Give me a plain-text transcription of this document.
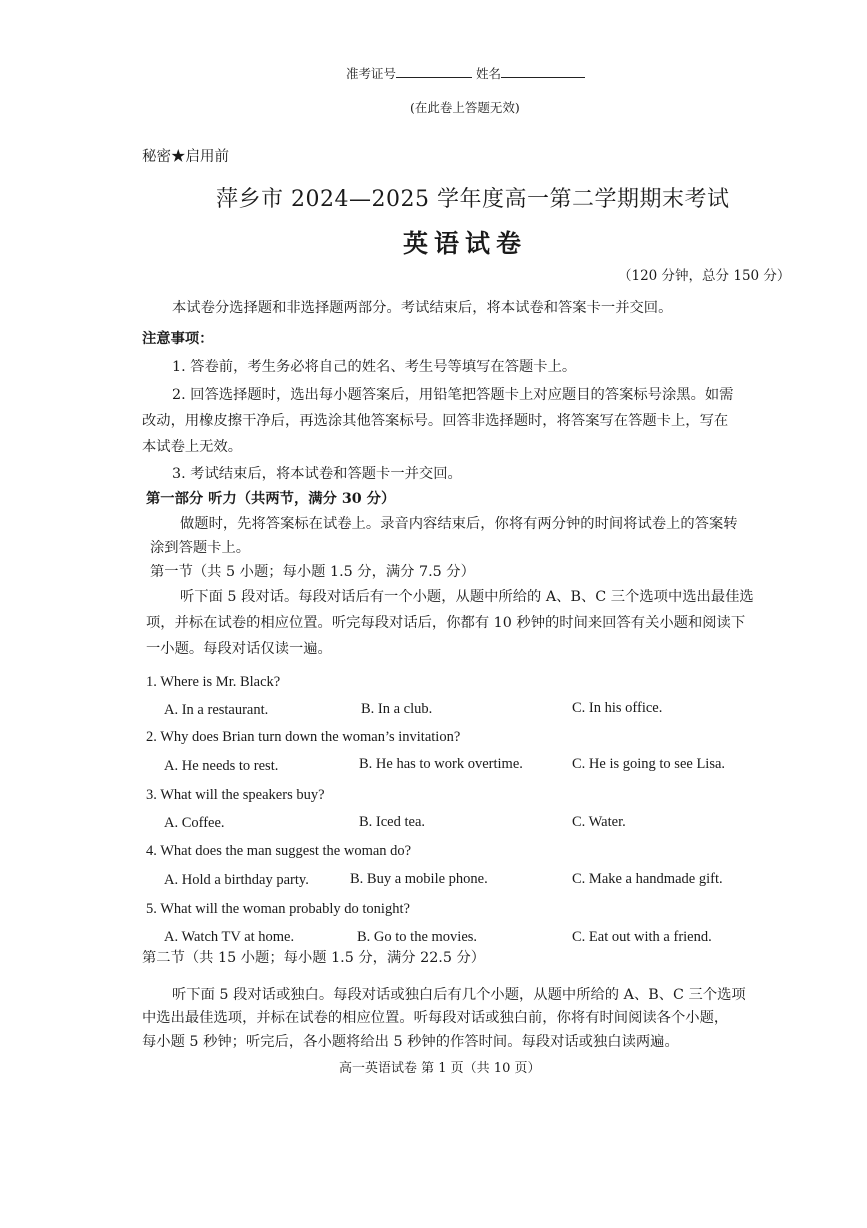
准考证号	姓名
(在此卷上答题无效)
秘密★启用前
萍乡市 2024—2025 学年度高一第二学期期末考试
英语试卷
（120 分钟，总分 150 分）
本试卷分选择题和非选择题两部分。考试结束后，将本试卷和答案卡一并交回。
注意事项：
1. 答卷前，考生务必将自己的姓名、考生号等填写在答题卡上。
2. 回答选择题时，选出每小题答案后，用铅笔把答题卡上对应题目的答案标号涂黑。如需
改动，用橡皮擦干净后，再选涂其他答案标号。回答非选择题时，将答案写在答题卡上，写在
本试卷上无效。
3. 考试结束后，将本试卷和答题卡一并交回。
第一部分 听力（共两节，满分 30 分）
做题时，先将答案标在试卷上。录音内容结束后，你将有两分钟的时间将试卷上的答案转
涂到答题卡上。
第一节（共 5 小题；每小题 1.5 分，满分 7.5 分）
听下面 5 段对话。每段对话后有一个小题，从题中所给的 A、B、C 三个选项中选出最佳选
项，并标在试卷的相应位置。听完每段对话后，你都有 10 秒钟的时间来回答有关小题和阅读下
一小题。每段对话仅读一遍。
1. Where is Mr. Black?
A. In a restaurant.	B. In a club.	C. In his office.
2. Why does Brian turn down the woman’s invitation?
A. He needs to rest.	B. He has to work overtime.	C. He is going to see Lisa.
3. What will the speakers buy?
A. Coffee.	B. Iced tea.	C. Water.
4. What does the man suggest the woman do?
A. Hold a birthday party.	B. Buy a mobile phone.	C. Make a handmade gift.
5. What will the woman probably do tonight?
A. Watch TV at home.	B. Go to the movies.	C. Eat out with a friend.
第二节（共 15 小题；每小题 1.5 分，满分 22.5 分）
听下面 5 段对话或独白。每段对话或独白后有几个小题，从题中所给的 A、B、C 三个选项
中选出最佳选项，并标在试卷的相应位置。听每段对话或独白前，你将有时间阅读各个小题，
每小题 5 秒钟；听完后，各小题将给出 5 秒钟的作答时间。每段对话或独白读两遍。
高一英语试卷 第 1 页（共 10 页）
